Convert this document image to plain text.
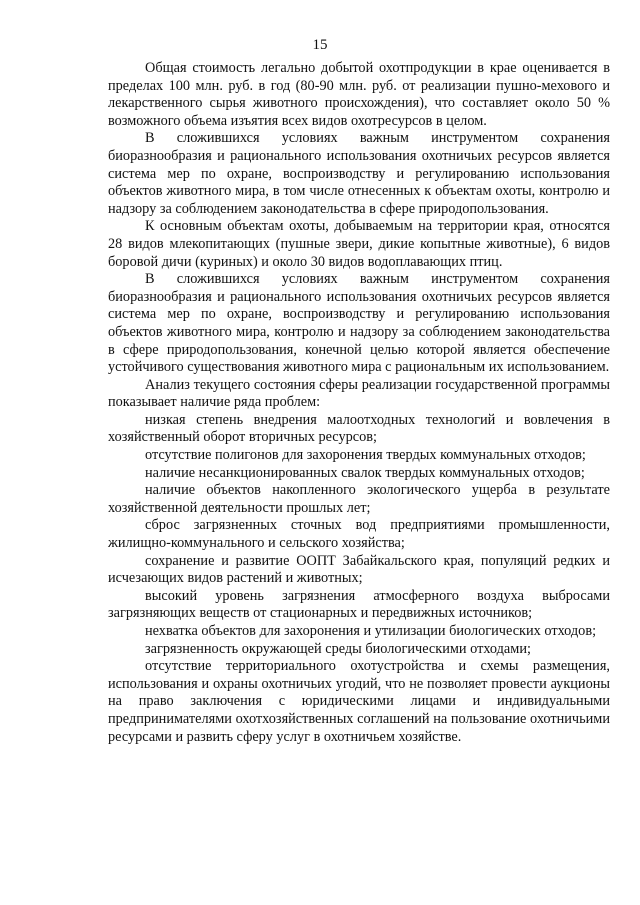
15

Общая стоимость легально добытой охотпродукции в крае оценивается в пределах 100 млн. руб. в год (80-90 млн. руб. от реализации пушно-мехового и лекарственного сырья животного происхождения), что составляет около 50 % возможного объема изъятия всех видов охотресурсов в целом.

В сложившихся условиях важным инструментом сохранения биоразнообразия и рационального использования охотничьих ресурсов является система мер по охране, воспроизводству и регулированию использования объектов животного мира, в том числе отнесенных к объектам охоты, контролю и надзору за соблюдением законодательства в сфере природопользования.

К основным объектам охоты, добываемым на территории края, относятся 28 видов млекопитающих (пушные звери, дикие копытные животные), 6 видов боровой дичи (куриных) и около 30 видов водоплавающих птиц.

В сложившихся условиях важным инструментом сохранения биоразнообразия и рационального использования охотничьих ресурсов является система мер по охране, воспроизводству и регулированию использования объектов животного мира, контролю и надзору за соблюдением законодательства в сфере природопользования, конечной целью которой является обеспечение устойчивого существования животного мира с рациональным их использованием.

Анализ текущего состояния сферы реализации государственной программы показывает наличие ряда проблем:

низкая степень внедрения малоотходных технологий и вовлечения в хозяйственный оборот вторичных ресурсов;

отсутствие полигонов для захоронения твердых коммунальных отходов;

наличие несанкционированных свалок твердых коммунальных отходов;

наличие объектов накопленного экологического ущерба в результате хозяйственной деятельности прошлых лет;

сброс загрязненных сточных вод предприятиями промышленности, жилищно-коммунального и сельского хозяйства;

сохранение и развитие ООПТ Забайкальского края, популяций редких и исчезающих видов растений и животных;

высокий уровень загрязнения атмосферного воздуха выбросами загрязняющих веществ от стационарных и передвижных источников;

нехватка объектов для захоронения и утилизации биологических отходов;

загрязненность окружающей среды биологическими отходами;

отсутствие территориального охотустройства и схемы размещения, использования и охраны охотничьих угодий, что не позволяет провести аукционы на право заключения с юридическими лицами и индивидуальными предпринимателями охотхозяйственных соглашений на пользование охотничьими ресурсами и развить сферу услуг в охотничьем хозяйстве.
